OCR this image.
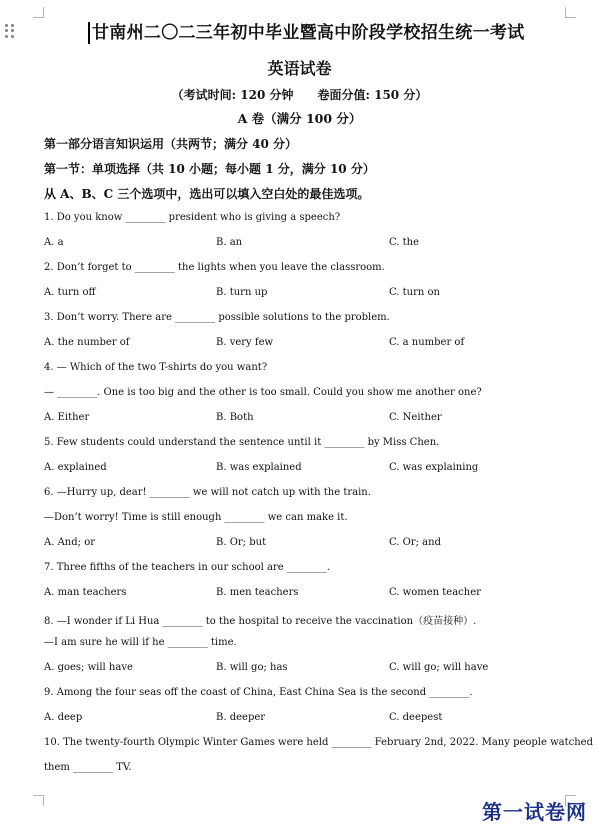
甘南州二〇二三年初中毕业暨高中阶段学校招生统一考试
英语试卷
（考试时间: 120 分钟　　卷面分值: 150 分）
A 卷（满分 100 分）
第一部分语言知识运用（共两节；满分 40 分）
第一节：单项选择（共 10 小题；每小题 1 分，满分 10 分）
从 A、B、C 三个选项中，选出可以填入空白处的最佳选项。
1. Do you know ________ president who is giving a speech?
A. a	B. an	C. the
2. Don’t forget to ________ the lights when you leave the classroom.
A. turn off	B. turn up	C. turn on
3. Don’t worry. There are ________ possible solutions to the problem.
A. the number of	B. very few	C. a number of
4. — Which of the two T-shirts do you want?
— ________. One is too big and the other is too small. Could you show me another one?
A. Either	B. Both	C. Neither
5. Few students could understand the sentence until it ________ by Miss Chen.
A. explained	B. was explained	C. was explaining
6. —Hurry up, dear! ________ we will not catch up with the train.
—Don’t worry! Time is still enough ________ we can make it.
A. And; or	B. Or; but	C. Or; and
7. Three fifths of the teachers in our school are ________.
A. man teachers	B. men teachers	C. women teacher
8. —I wonder if Li Hua ________ to the hospital to receive the vaccination（疫苗接种）.
—I am sure he will if he ________ time.
A. goes; will have	B. will go; has	C. will go; will have
9. Among the four seas off the coast of China, East China Sea is the second ________.
A. deep	B. deeper	C. deepest
10. The twenty-fourth Olympic Winter Games were held ________ February 2nd, 2022. Many people watched
them ________ TV.
第一试卷网
